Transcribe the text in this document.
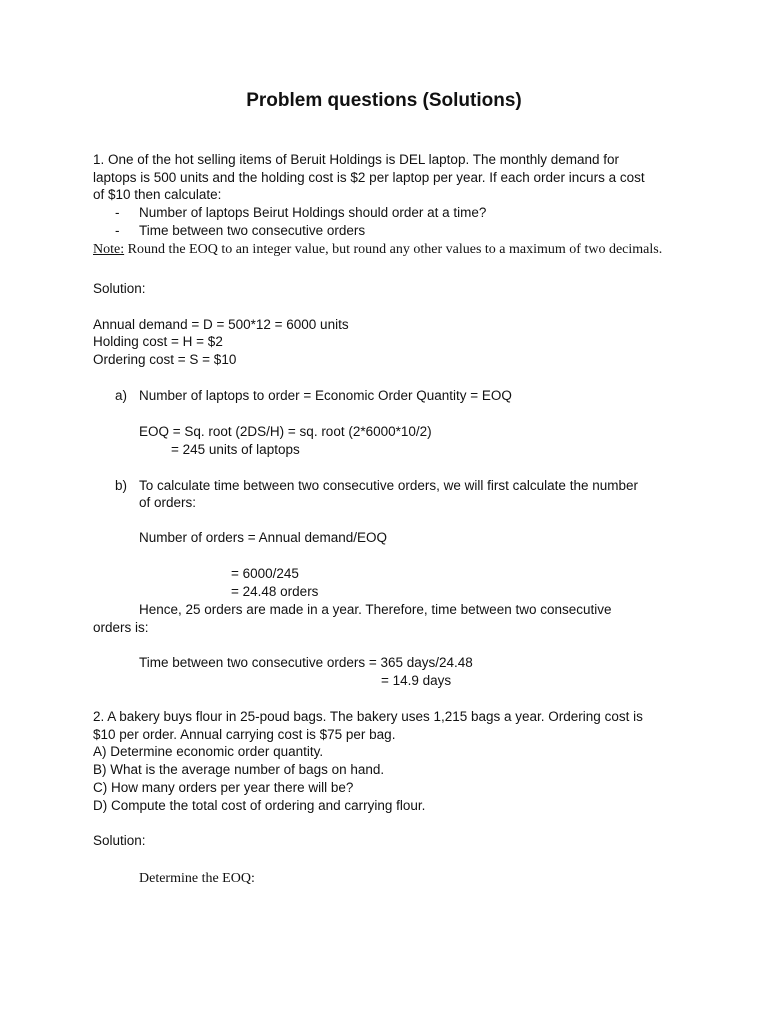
Problem questions (Solutions)

1. One of the hot selling items of Beruit Holdings is DEL laptop. The monthly demand for

laptops is 500 units and the holding cost is $2 per laptop per year. If each order incurs a cost

of $10 then calculate:

- Number of laptops Beirut Holdings should order at a time?

- Time between two consecutive orders

Note: Round the EOQ to an integer value, but round any other values to a maximum of two decimals.

Solution:

Annual demand = D = 500*12 = 6000 units

Holding cost = H = $2

Ordering cost = S = $10

a) Number of laptops to order = Economic Order Quantity = EOQ

EOQ = Sq. root (2DS/H) = sq. root (2*6000*10/2)

= 245 units of laptops

b) To calculate time between two consecutive orders, we will first calculate the number

of orders:

Number of orders = Annual demand/EOQ

= 6000/245

= 24.48 orders

Hence, 25 orders are made in a year. Therefore, time between two consecutive

orders is:

Time between two consecutive orders = 365 days/24.48

= 14.9 days

2. A bakery buys flour in 25-poud bags. The bakery uses 1,215 bags a year. Ordering cost is

$10 per order. Annual carrying cost is $75 per bag.

A) Determine economic order quantity.

B) What is the average number of bags on hand.

C) How many orders per year there will be?

D) Compute the total cost of ordering and carrying flour.

Solution:

Determine the EOQ:
